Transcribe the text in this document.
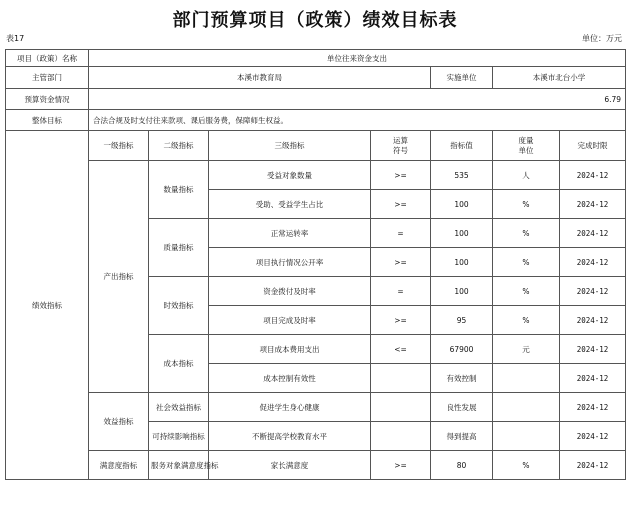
部门预算项目（政策）绩效目标表
表17	单位：万元
项目（政策）名称	单位往来资金支出						
主管部门	本溪市教育局				实施单位	本溪市北台小学	
预算资金情况	6.79						
整体目标	合法合规及时支付往来款项、课后服务费，保障师生权益。						
绩效指标	一级指标	二级指标	三级指标	运算符号	指标值	度量单位	完成时限
	产出指标	数量指标	受益对象数量	>=	535	人	2024-12
			受助、受益学生占比	>=	100	%	2024-12
		质量指标	正常运转率	=	100	%	2024-12
			项目执行情况公开率	>=	100	%	2024-12
		时效指标	资金拨付及时率	=	100	%	2024-12
			项目完成及时率	>=	95	%	2024-12
		成本指标	项目成本费用支出	<=	67900	元	2024-12
			成本控制有效性		有效控制		2024-12
	效益指标	社会效益指标	促进学生身心健康		良性发展		2024-12
		可持续影响指标	不断提高学校教育水平		得到提高		2024-12
	满意度指标	服务对象满意度指标	家长满意度	>=	80	%	2024-12
